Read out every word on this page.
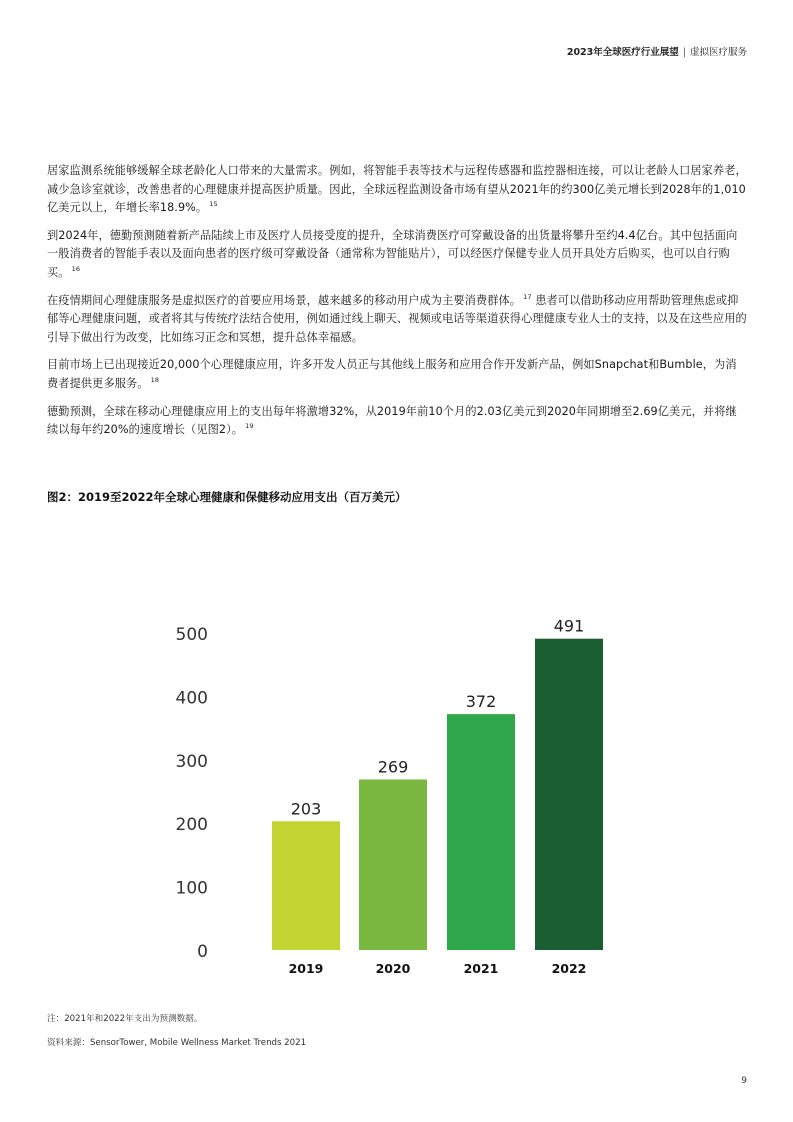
2023年全球医疗行业展望 | 虚拟医疗服务

居家监测系统能够缓解全球老龄化人口带来的大量需求。例如，将智能手表等技术与远程传感器和监控器相连接，可以让老龄人口居家养老，减少急诊室就诊，改善患者的心理健康并提高医护质量。因此，全球远程监测设备市场有望从2021年的约300亿美元增长到2028年的1,010亿美元以上，年增长率18.9%。 $^{15}$

到2024年，德勤预测随着新产品陆续上市及医疗人员接受度的提升，全球消费医疗可穿戴设备的出货量将攀升至约4.4亿台。其中包括面向一般消费者的智能手表以及面向患者的医疗级可穿戴设备（通常称为智能贴片），可以经医疗保健专业人员开具处方后购买，也可以自行购买。 $^{16}$

在疫情期间心理健康服务是虚拟医疗的首要应用场景，越来越多的移动用户成为主要消费群体。 $^{17}$ 患者可以借助移动应用帮助管理焦虑或抑郁等心理健康问题，或者将其与传统疗法结合使用，例如通过线上聊天、视频或电话等渠道获得心理健康专业人士的支持，以及在这些应用的引导下做出行为改变，比如练习正念和冥想，提升总体幸福感。

目前市场上已出现接近20,000个心理健康应用，许多开发人员正与其他线上服务和应用合作开发新产品，例如Snapchat和Bumble，为消费者提供更多服务。 $^{18}$

德勤预测，全球在移动心理健康应用上的支出每年将激增32%，从2019年前10个月的2.03亿美元到2020年同期增至2.69亿美元，并将继续以每年约20%的速度增长（见图2）。 $^{19}$

图2：2019至2022年全球心理健康和保健移动应用支出（百万美元）
0
100
200
300
400
500
203
2019
269
2020
372
2021
491
2022
注：2021年和2022年支出为预测数据。
资料来源：SensorTower, Mobile Wellness Market Trends 2021
9
